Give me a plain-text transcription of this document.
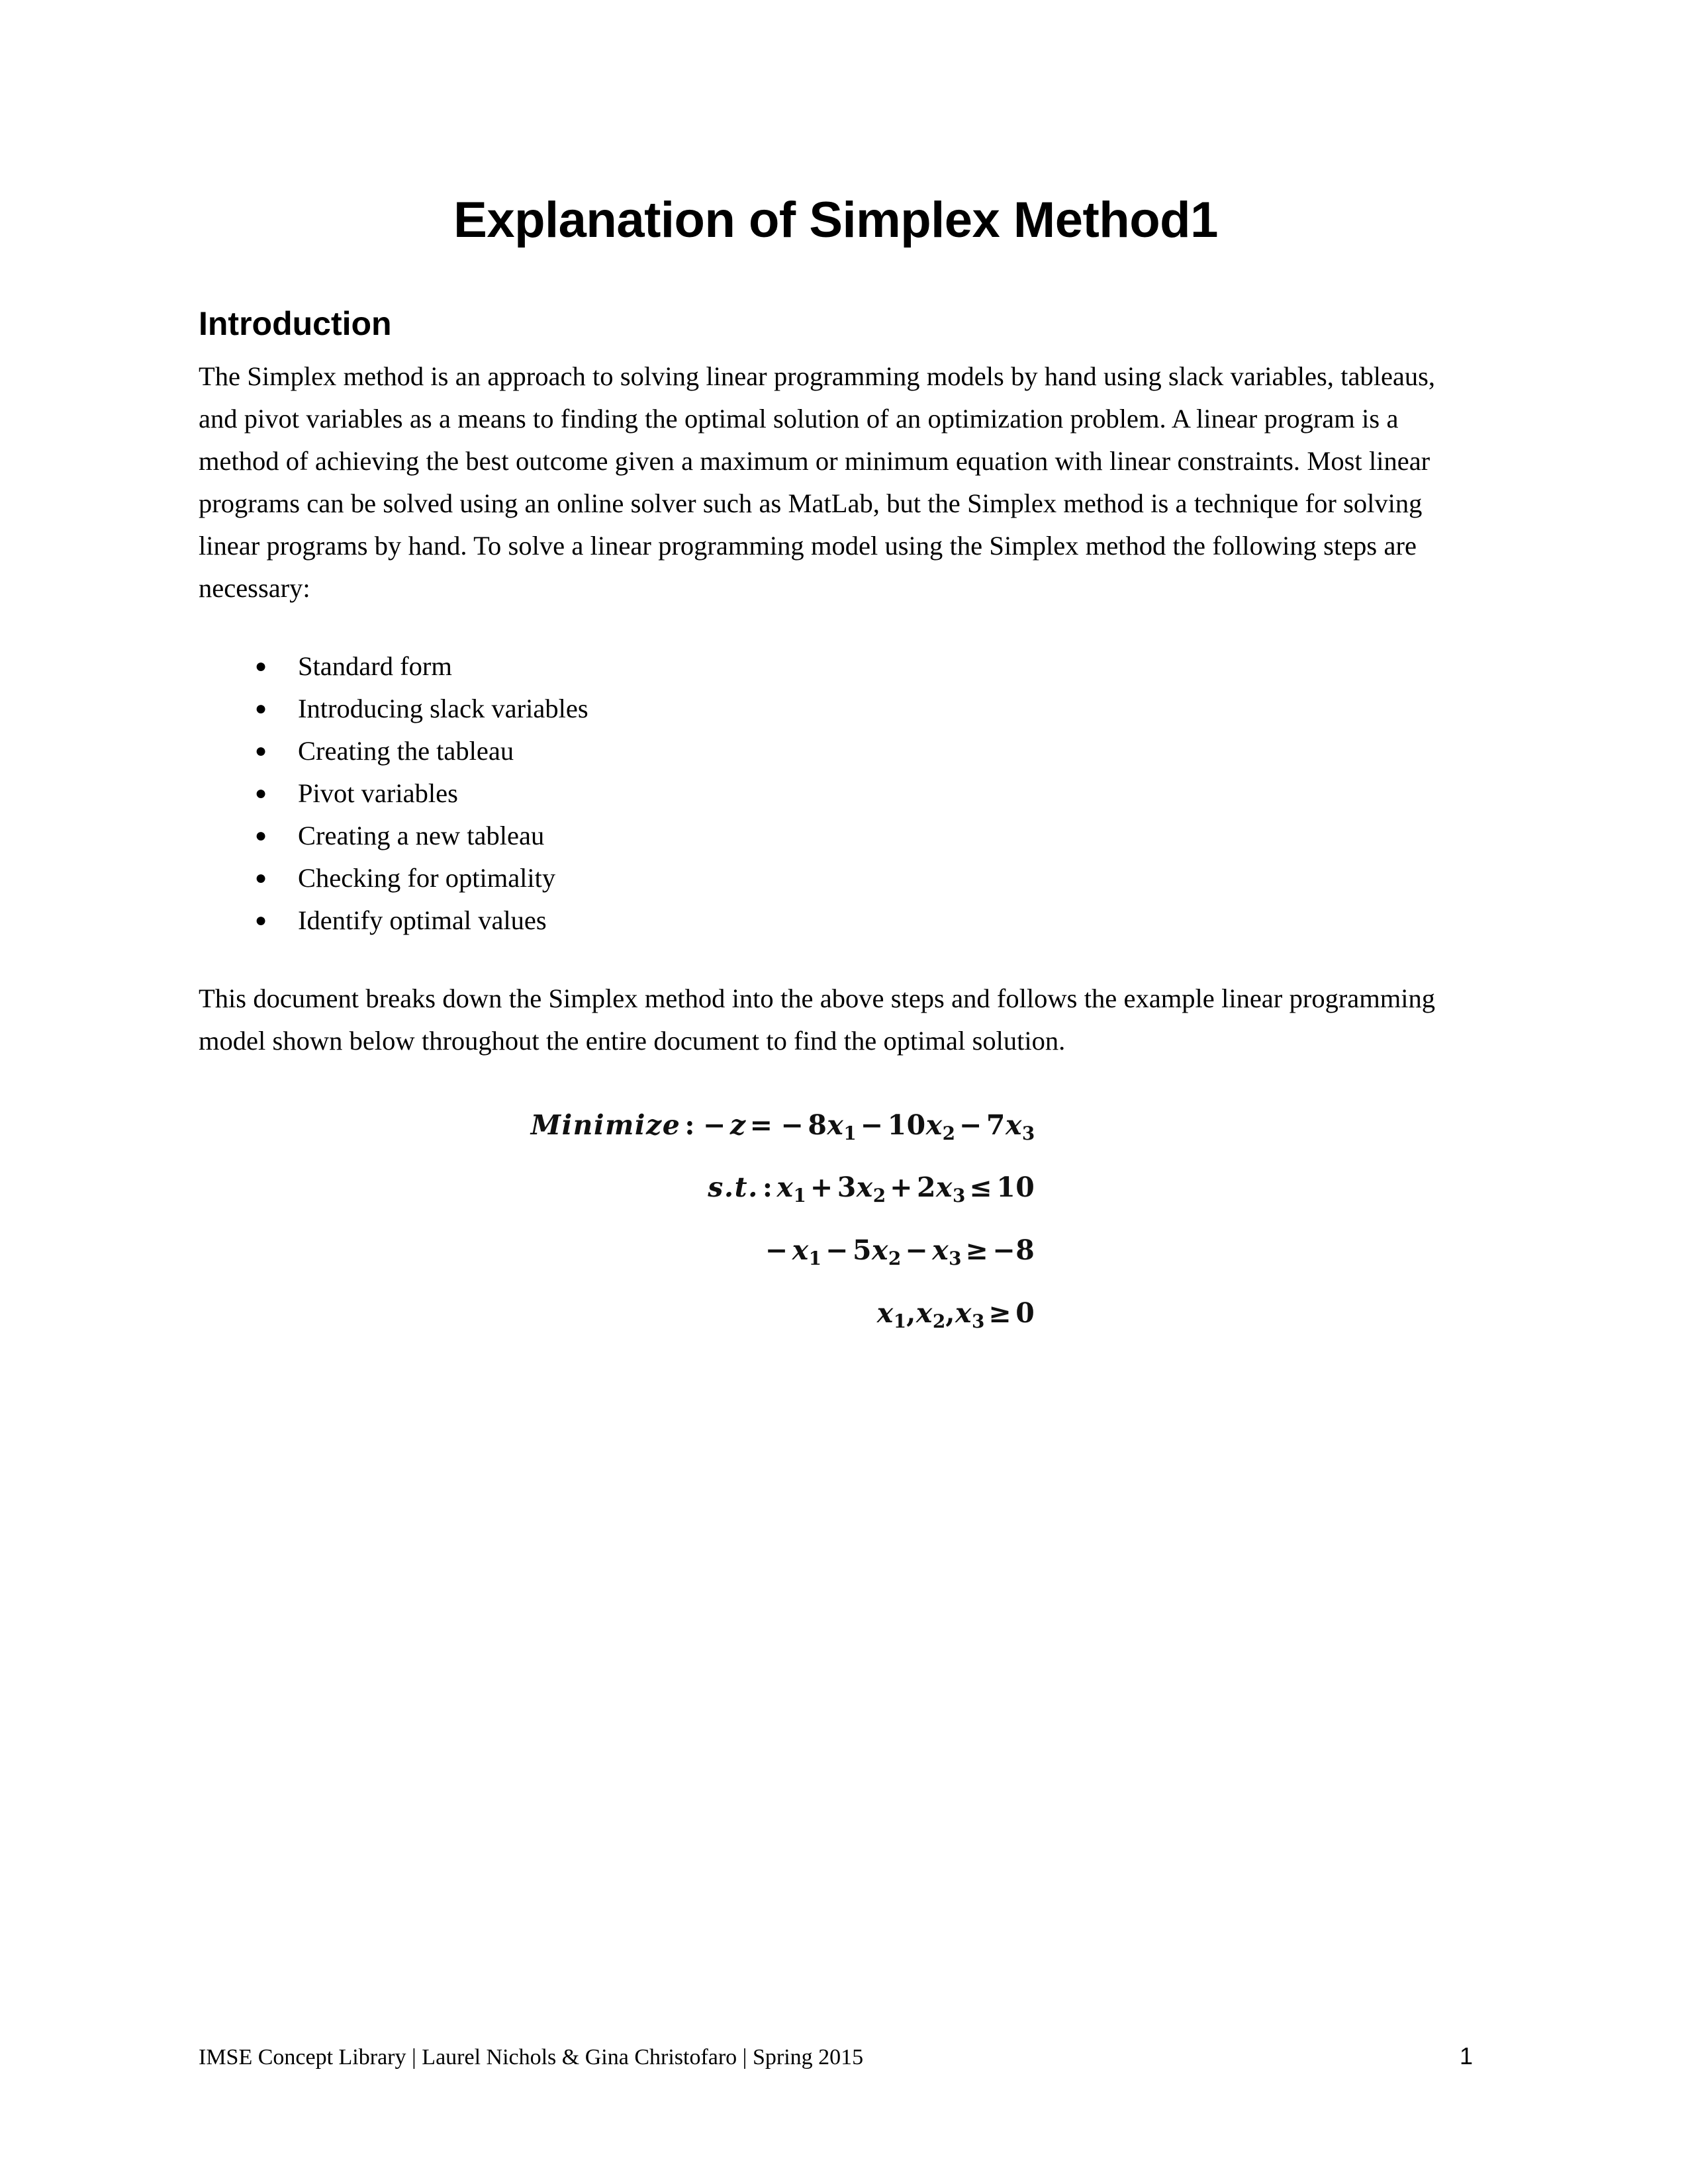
Explanation of Simplex Method1
Introduction

The Simplex method is an approach to solving linear programming models by hand using slack variables, tableaus, and pivot variables as a means to finding the optimal solution of an optimization problem. A linear program is a method of achieving the best outcome given a maximum or minimum equation with linear constraints. Most linear programs can be solved using an online solver such as MatLab, but the Simplex method is a technique for solving linear programs by hand. To solve a linear programming model using the Simplex method the following steps are necessary:

● Standard form
● Introducing slack variables
● Creating the tableau
● Pivot variables
● Creating a new tableau
● Checking for optimality
● Identify optimal values

This document breaks down the Simplex method into the above steps and follows the example linear programming model shown below throughout the entire document to find the optimal solution.

Minimize : − z = − $8x_1 - 10x_2 - 7x_3$
s.t. : $x_1 + 3x_2 + 2x_3 \le 10$
− $x_1 - 5x_2 - x_3 \ge -8$
$x_1,x_2,x_3 \ge 0$
IMSE Concept Library | Laurel Nichols & Gina Christofaro | Spring 2015	1
